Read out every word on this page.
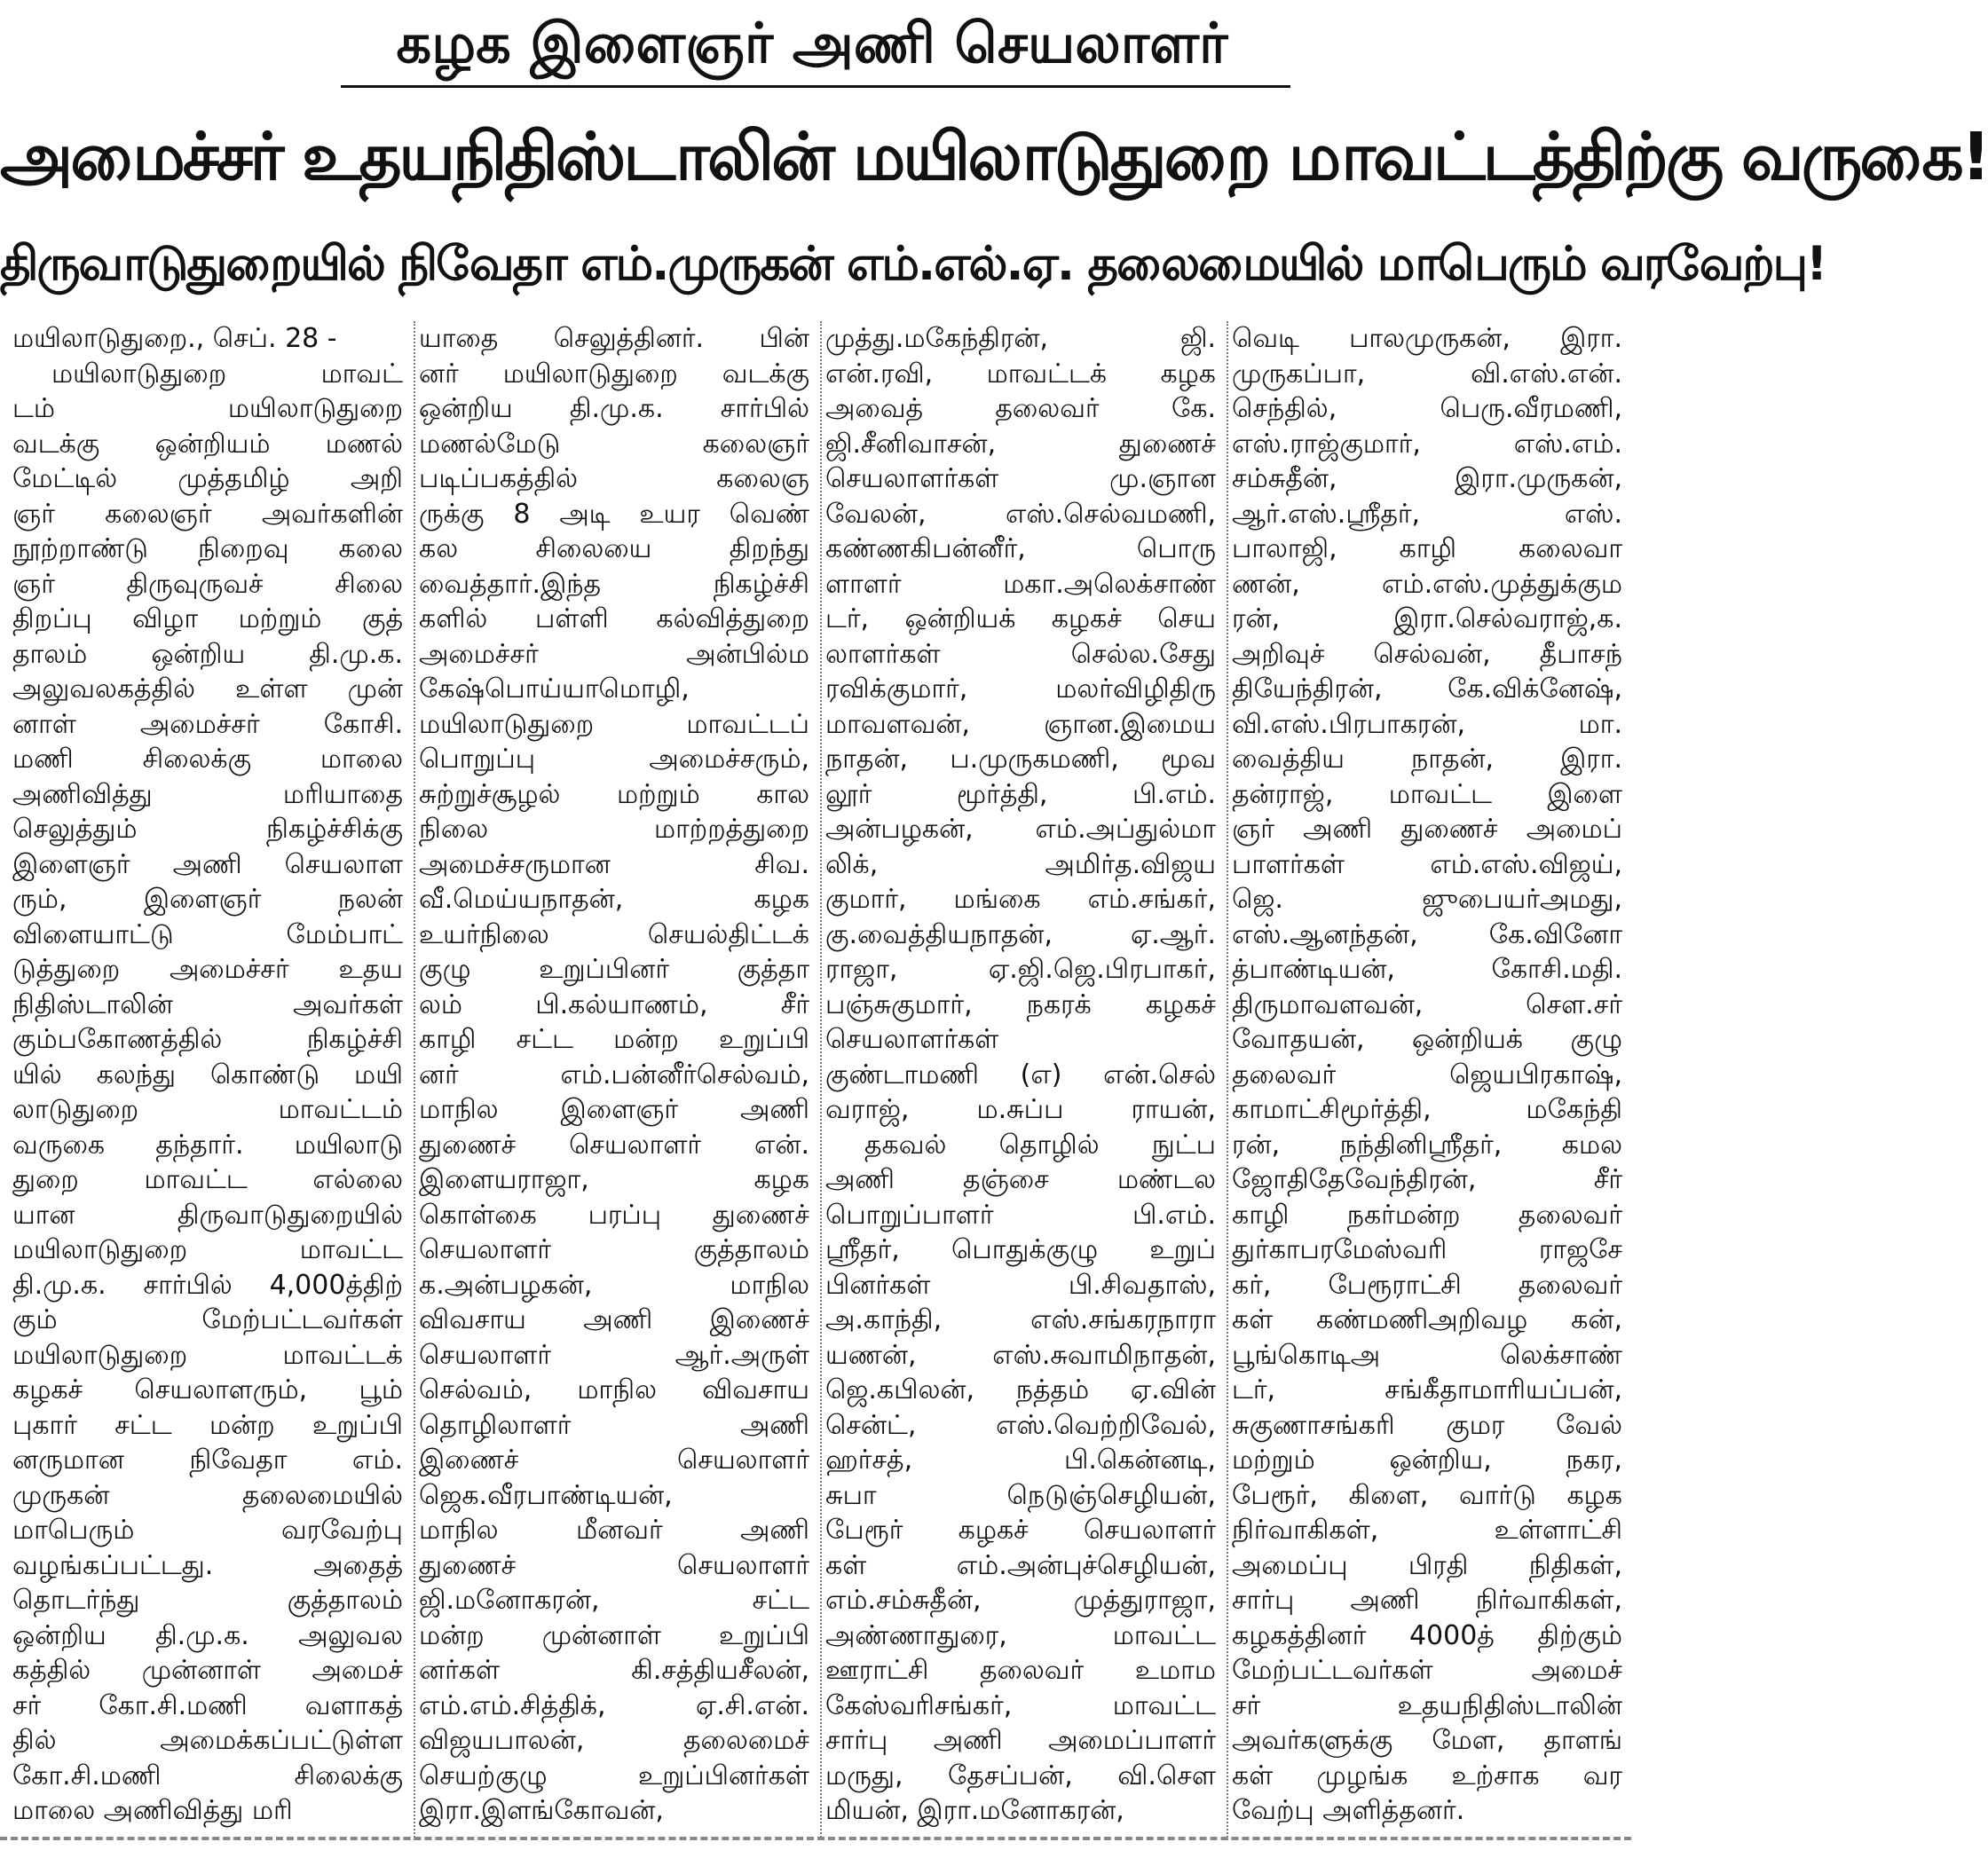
கழக இளைஞர் அணி செயலாளர்
அமைச்சர் உதயநிதிஸ்டாலின் மயிலாடுதுறை மாவட்டத்திற்கு வருகை!
திருவாடுதுறையில் நிவேதா எம்.முருகன் எம்.எல்.ஏ. தலைமையில் மாபெரும் வரவேற்பு!
மயிலாடுதுறை., செப். 28 -
மயிலாடுதுறை மாவட்
டம் மயிலாடுதுறை
வடக்கு ஒன்றியம் மணல்
மேட்டில் முத்தமிழ் அறி
ஞர் கலைஞர் அவர்களின்
நூற்றாண்டு நிறைவு கலை
ஞர் திருவுருவச் சிலை
திறப்பு விழா மற்றும் குத்
தாலம் ஒன்றிய தி.மு.க.
அலுவலகத்தில் உள்ள முன்
னாள் அமைச்சர் கோசி.
மணி சிலைக்கு மாலை
அணிவித்து மரியாதை
செலுத்தும் நிகழ்ச்சிக்கு
இளைஞர் அணி செயலாள
ரும், இளைஞர் நலன்
விளையாட்டு மேம்பாட்
டுத்துறை அமைச்சர் உதய
நிதிஸ்டாலின் அவர்கள்
கும்பகோணத்தில் நிகழ்ச்சி
யில் கலந்து கொண்டு மயி
லாடுதுறை மாவட்டம்
வருகை தந்தார். மயிலாடு
துறை மாவட்ட எல்லை
யான திருவாடுதுறையில்
மயிலாடுதுறை மாவட்ட
தி.மு.க. சார்பில் 4,000த்திற்
கும் மேற்பட்டவர்கள்
மயிலாடுதுறை மாவட்டக்
கழகச் செயலாளரும், பூம்
புகார் சட்ட மன்ற உறுப்பி
னருமான நிவேதா எம்.
முருகன் தலைமையில்
மாபெரும் வரவேற்பு
வழங்கப்பட்டது. அதைத்
தொடர்ந்து குத்தாலம்
ஒன்றிய தி.மு.க. அலுவல
கத்தில் முன்னாள் அமைச்
சர் கோ.சி.மணி வளாகத்
தில் அமைக்கப்பட்டுள்ள
கோ.சி.மணி சிலைக்கு
மாலை அணிவித்து மரி
யாதை செலுத்தினர். பின்
னர் மயிலாடுதுறை வடக்கு
ஒன்றிய தி.மு.க. சார்பில்
மணல்மேடு கலைஞர்
படிப்பகத்தில் கலைஞ
ருக்கு 8 அடி உயர வெண்
கல சிலையை திறந்து
வைத்தார்.இந்த நிகழ்ச்சி
களில் பள்ளி கல்வித்துறை
அமைச்சர் அன்பில்ம
கேஷ்பொய்யாமொழி,
மயிலாடுதுறை மாவட்டப்
பொறுப்பு அமைச்சரும்,
சுற்றுச்சூழல் மற்றும் கால
நிலை மாற்றத்துறை
அமைச்சருமான சிவ.
வீ.மெய்யநாதன், கழக
உயர்நிலை செயல்திட்டக்
குழு உறுப்பினர் குத்தா
லம் பி.கல்யாணம், சீர்
காழி சட்ட மன்ற உறுப்பி
னர் எம்.பன்னீர்செல்வம்,
மாநில இளைஞர் அணி
துணைச் செயலாளர் என்.
இளையராஜா, கழக
கொள்கை பரப்பு துணைச்
செயலாளர் குத்தாலம்
க.அன்பழகன், மாநில
விவசாய அணி இணைச்
செயலாளர் ஆர்.அருள்
செல்வம், மாநில விவசாய
தொழிலாளர் அணி
இணைச் செயலாளர்
ஜெக.வீரபாண்டியன்,
மாநில மீனவர் அணி
துணைச் செயலாளர்
ஜி.மனோகரன், சட்ட
மன்ற முன்னாள் உறுப்பி
னர்கள் கி.சத்தியசீலன்,
எம்.எம்.சித்திக், ஏ.சி.என்.
விஜயபாலன், தலைமைச்
செயற்குழு உறுப்பினர்கள்
இரா.இளங்கோவன்,
முத்து.மகேந்திரன், ஜி.
என்.ரவி, மாவட்டக் கழக
அவைத் தலைவர் கே.
ஜி.சீனிவாசன், துணைச்
செயலாளர்கள் மு.ஞான
வேலன், எஸ்.செல்வமணி,
கண்ணகிபன்னீர், பொரு
ளாளர் மகா.அலெக்சாண்
டர், ஒன்றியக் கழகச் செய
லாளர்கள் செல்ல.சேது
ரவிக்குமார், மலர்விழிதிரு
மாவளவன், ஞான.இமைய
நாதன், ப.முருகமணி, மூவ
லூர் மூர்த்தி, பி.எம்.
அன்பழகன், எம்.அப்துல்மா
லிக், அமிர்த.விஜய
குமார், மங்கை எம்.சங்கர்,
கு.வைத்தியநாதன், ஏ.ஆர்.
ராஜா, ஏ.ஜி.ஜெ.பிரபாகர்,
பஞ்சுகுமார், நகரக் கழகச்
செயலாளர்கள்
குண்டாமணி (எ) என்.செல்
வராஜ், ம.சுப்ப ராயன்,
தகவல் தொழில் நுட்ப
அணி தஞ்சை மண்டல
பொறுப்பாளர் பி.எம்.
ஸ்ரீதர், பொதுக்குழு உறுப்
பினர்கள் பி.சிவதாஸ்,
அ.காந்தி, எஸ்.சங்கரநாரா
யணன், எஸ்.சுவாமிநாதன்,
ஜெ.கபிலன், நத்தம் ஏ.வின்
சென்ட், எஸ்.வெற்றிவேல்,
ஹர்சத், பி.கென்னடி,
சுபா நெடுஞ்செழியன்,
பேரூர் கழகச் செயலாளர்
கள் எம்.அன்புச்செழியன்,
எம்.சம்சுதீன், முத்துராஜா,
அண்ணாதுரை, மாவட்ட
ஊராட்சி தலைவர் உமாம
கேஸ்வரிசங்கர், மாவட்ட
சார்பு அணி அமைப்பாளர்
மருது, தேசப்பன், வி.சௌ
மியன், இரா.மனோகரன்,
வெடி பாலமுருகன், இரா.
முருகப்பா, வி.எஸ்.என்.
செந்தில், பெரு.வீரமணி,
எஸ்.ராஜ்குமார், எஸ்.எம்.
சம்சுதீன், இரா.முருகன்,
ஆர்.எஸ்.ஸ்ரீதர், எஸ்.
பாலாஜி, காழி கலைவா
ணன், எம்.எஸ்.முத்துக்கும
ரன், இரா.செல்வராஜ்,க.
அறிவுச் செல்வன், தீபாசந்
தியேந்திரன், கே.விக்னேஷ்,
வி.எஸ்.பிரபாகரன், மா.
வைத்திய நாதன், இரா.
தன்ராஜ், மாவட்ட இளை
ஞர் அணி துணைச் அமைப்
பாளர்கள் எம்.எஸ்.விஜய்,
ஜெ. ஜுபையர்அமது,
எஸ்.ஆனந்தன், கே.வினோ
த்பாண்டியன், கோசி.மதி.
திருமாவளவன், சௌ.சர்
வோதயன், ஒன்றியக் குழு
தலைவர் ஜெயபிரகாஷ்,
காமாட்சிமூர்த்தி, மகேந்தி
ரன், நந்தினிஸ்ரீதர், கமல
ஜோதிதேவேந்திரன், சீர்
காழி நகர்மன்ற தலைவர்
துர்காபரமேஸ்வரி ராஜசே
கர், பேரூராட்சி தலைவர்
கள் கண்மணிஅறிவழ கன்,
பூங்கொடிஅ லெக்சாண்
டர், சங்கீதாமாரியப்பன்,
சுகுணாசங்கரி குமர வேல்
மற்றும் ஒன்றிய, நகர,
பேரூர், கிளை, வார்டு கழக
நிர்வாகிகள், உள்ளாட்சி
அமைப்பு பிரதி நிதிகள்,
சார்பு அணி நிர்வாகிகள்,
கழகத்தினர் 4000த் திற்கும்
மேற்பட்டவர்கள் அமைச்
சர் உதயநிதிஸ்டாலின்
அவர்களுக்கு மேள, தாளங்
கள் முழங்க உற்சாக வர
வேற்பு அளித்தனர்.
